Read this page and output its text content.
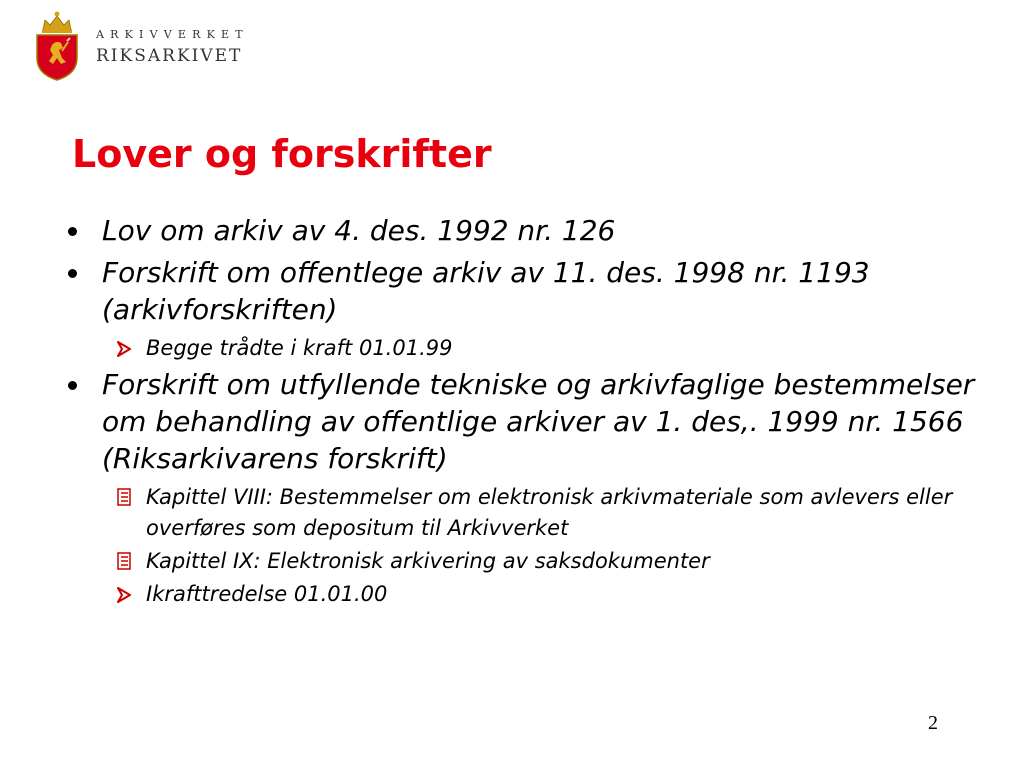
ARKIVVERKET
RIKSARKIVET
Lover og forskrifter
Lov om arkiv av 4. des. 1992 nr. 126
Forskrift om offentlege arkiv av 11. des. 1998 nr. 1193 (arkivforskriften)
Begge trådte i kraft 01.01.99
Forskrift om utfyllende tekniske og arkivfaglige bestemmelser om behandling av offentlige arkiver av 1. des,. 1999 nr. 1566 (Riksarkivarens forskrift)
Kapittel VIII: Bestemmelser om elektronisk arkivmateriale som avlevers eller overføres som depositum til Arkivverket
Kapittel IX: Elektronisk arkivering av saksdokumenter
Ikrafttredelse 01.01.00
2
